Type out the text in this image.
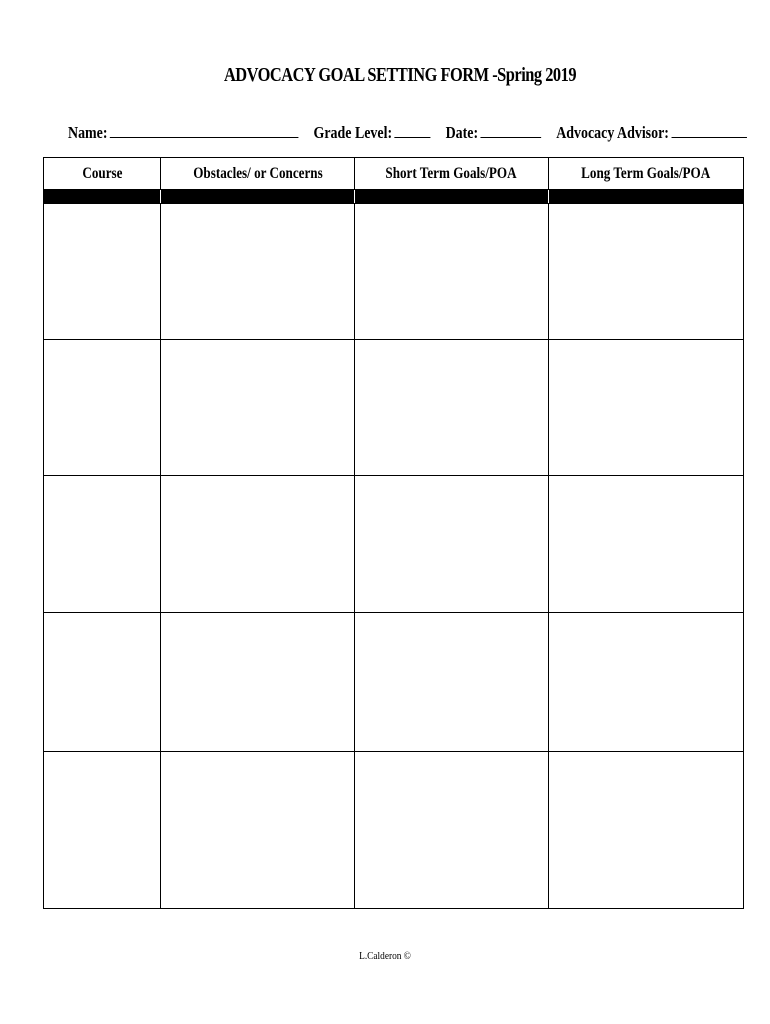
ADVOCACY GOAL SETTING FORM -Spring 2019
Name:	Grade Level:	Date:	Advocacy Advisor:
Course	Obstacles/ or Concerns	Short Term Goals/POA	Long Term Goals/POA

L.Calderon ©
